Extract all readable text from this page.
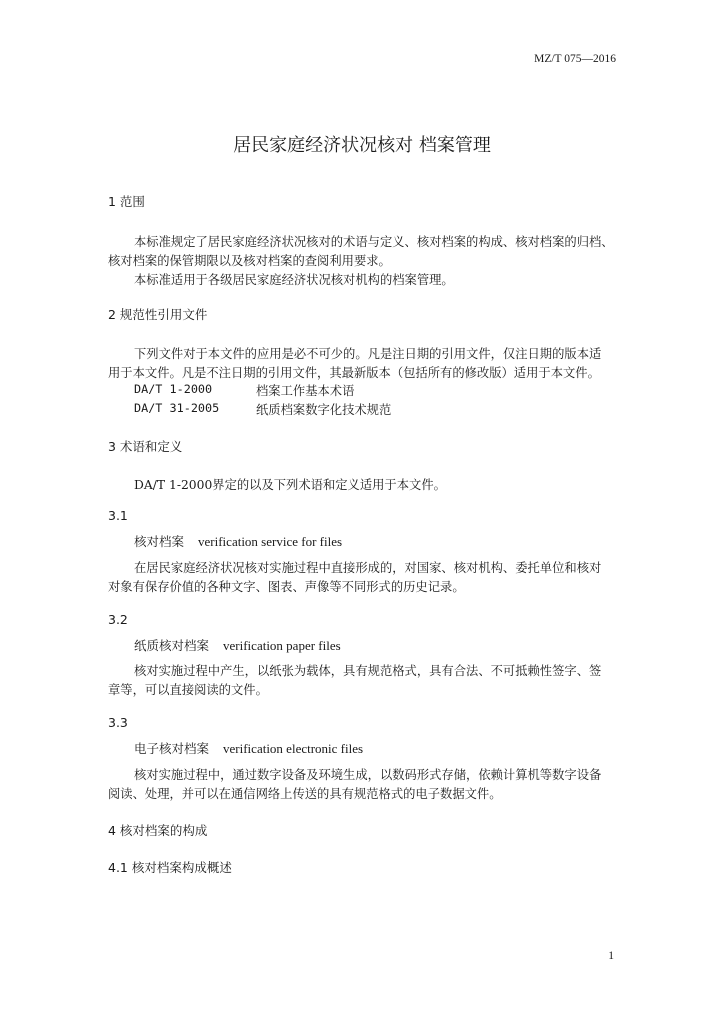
MZ/T 075—2016
居民家庭经济状况核对 档案管理
1 范围
本标准规定了居民家庭经济状况核对的术语与定义、核对档案的构成、核对档案的归档、
核对档案的保管期限以及核对档案的查阅利用要求。
本标准适用于各级居民家庭经济状况核对机构的档案管理。
2 规范性引用文件
下列文件对于本文件的应用是必不可少的。凡是注日期的引用文件，仅注日期的版本适
用于本文件。凡是不注日期的引用文件，其最新版本（包括所有的修改版）适用于本文件。
DA/T 1-2000	档案工作基本术语
DA/T 31-2005	纸质档案数字化技术规范
3 术语和定义
DA/T 1-2000界定的以及下列术语和定义适用于本文件。
3.1
核对档案 verification service for files
在居民家庭经济状况核对实施过程中直接形成的，对国家、核对机构、委托单位和核对
对象有保存价值的各种文字、图表、声像等不同形式的历史记录。
3.2
纸质核对档案 verification paper files
核对实施过程中产生，以纸张为载体，具有规范格式，具有合法、不可抵赖性签字、签
章等，可以直接阅读的文件。
3.3
电子核对档案 verification electronic files
核对实施过程中，通过数字设备及环境生成，以数码形式存储，依赖计算机等数字设备
阅读、处理，并可以在通信网络上传送的具有规范格式的电子数据文件。
4 核对档案的构成
4.1 核对档案构成概述
1
